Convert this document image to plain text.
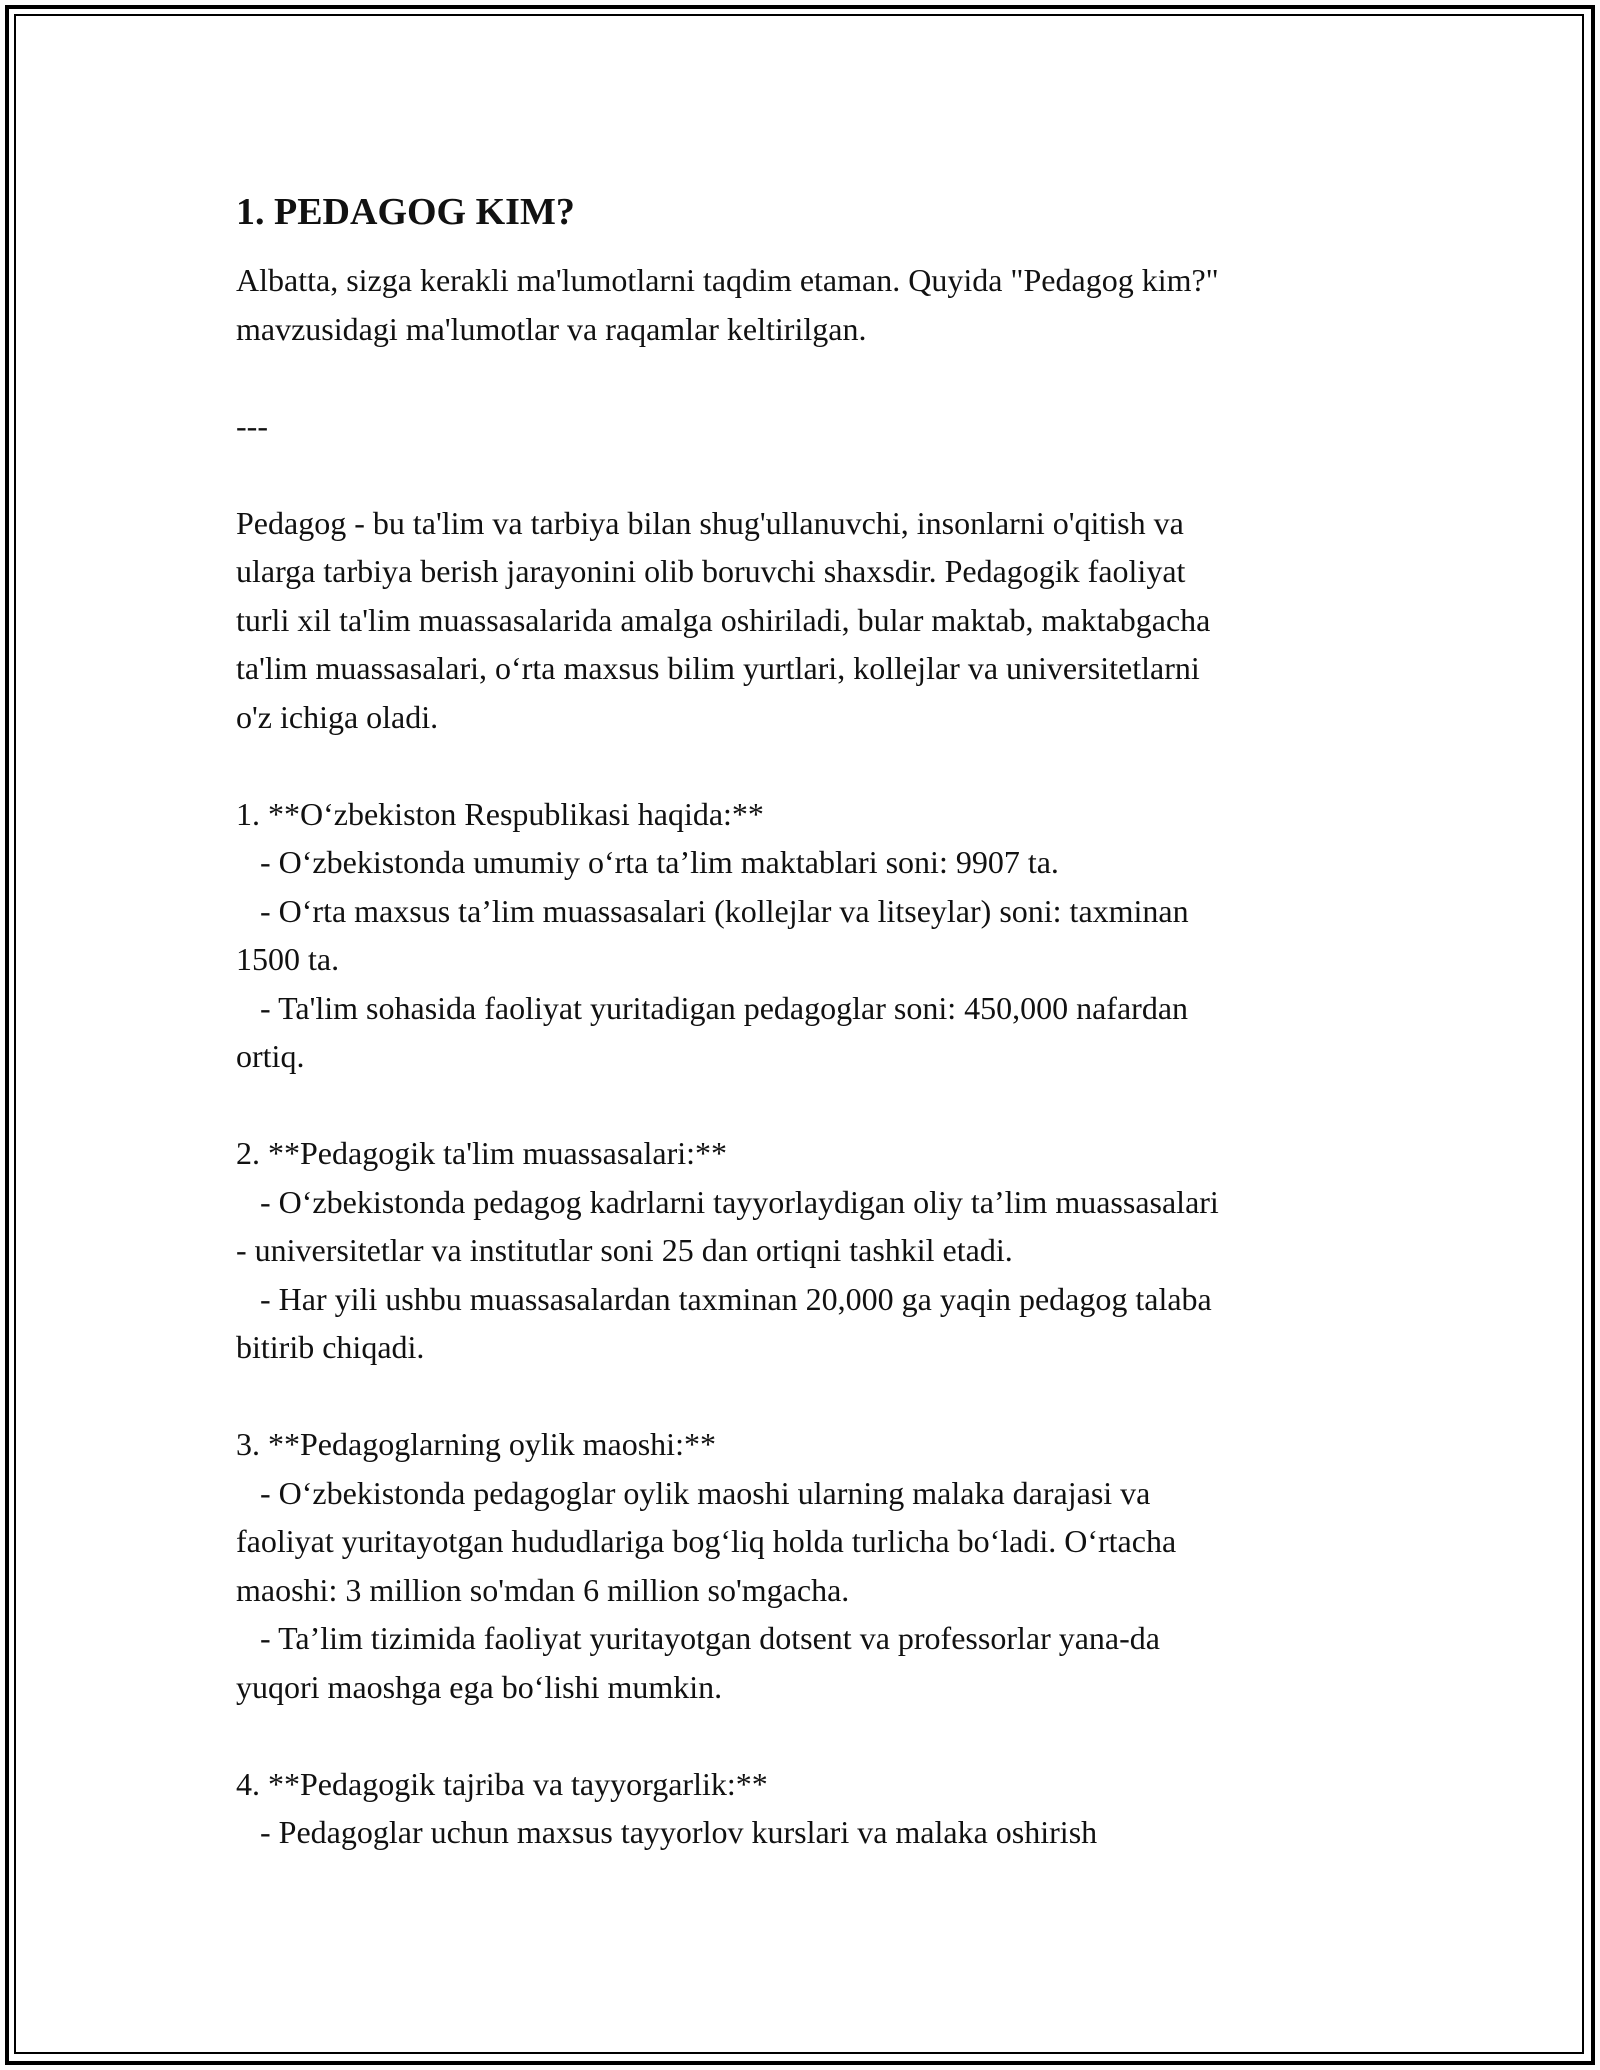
1. PEDAGOG KIM?

Albatta, sizga kerakli ma'lumotlarni taqdim etaman. Quyida "Pedagog kim?"

mavzusidagi ma'lumotlar va raqamlar keltirilgan.

---

Pedagog - bu ta'lim va tarbiya bilan shug'ullanuvchi, insonlarni o'qitish va

ularga tarbiya berish jarayonini olib boruvchi shaxsdir. Pedagogik faoliyat

turli xil ta'lim muassasalarida amalga oshiriladi, bular maktab, maktabgacha

ta'lim muassasalari, o‘rta maxsus bilim yurtlari, kollejlar va universitetlarni

o'z ichiga oladi.

1. **O‘zbekiston Respublikasi haqida:**

- O‘zbekistonda umumiy o‘rta ta’lim maktablari soni: 9907 ta.

- O‘rta maxsus ta’lim muassasalari (kollejlar va litseylar) soni: taxminan

1500 ta.

- Ta'lim sohasida faoliyat yuritadigan pedagoglar soni: 450,000 nafardan

ortiq.

2. **Pedagogik ta'lim muassasalari:**

- O‘zbekistonda pedagog kadrlarni tayyorlaydigan oliy ta’lim muassasalari

- universitetlar va institutlar soni 25 dan ortiqni tashkil etadi.

- Har yili ushbu muassasalardan taxminan 20,000 ga yaqin pedagog talaba

bitirib chiqadi.

3. **Pedagoglarning oylik maoshi:**

- O‘zbekistonda pedagoglar oylik maoshi ularning malaka darajasi va

faoliyat yuritayotgan hududlariga bog‘liq holda turlicha bo‘ladi. O‘rtacha

maoshi: 3 million so'mdan 6 million so'mgacha.

- Ta’lim tizimida faoliyat yuritayotgan dotsent va professorlar yana-da

yuqori maoshga ega bo‘lishi mumkin.

4. **Pedagogik tajriba va tayyorgarlik:**

- Pedagoglar uchun maxsus tayyorlov kurslari va malaka oshirish
